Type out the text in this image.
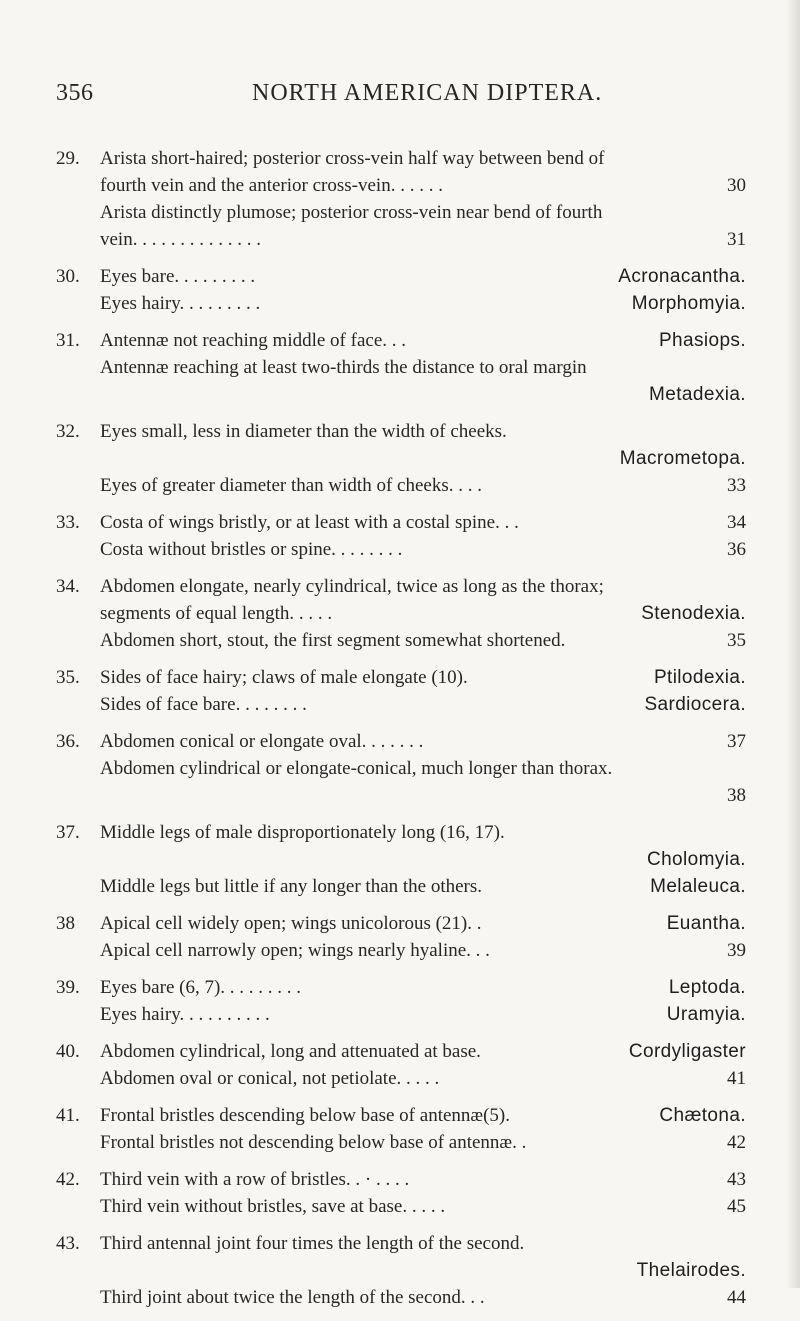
356	NORTH AMERICAN DIPTERA.
29. Arista short-haired; posterior cross-vein half way between bend of
fourth vein and the anterior cross-vein. . . . . .	30
Arista distinctly plumose; posterior cross-vein near bend of fourth
vein. . . . . . . . . . . . . .	31
30. Eyes bare. . . . . . . . .	Acronacantha.
Eyes hairy. . . . . . . . .	Morphomyia.
31. Antennæ not reaching middle of face. . .	Phasiops.
Antennæ reaching at least two-thirds the distance to oral margin
Metadexia.
32. Eyes small, less in diameter than the width of cheeks.
Macrometopa.
Eyes of greater diameter than width of cheeks. . . .	33
33. Costa of wings bristly, or at least with a costal spine. . .	34
Costa without bristles or spine. . . . . . . .	36
34. Abdomen elongate, nearly cylindrical, twice as long as the thorax;
segments of equal length. . . . .	Stenodexia.
Abdomen short, stout, the first segment somewhat shortened.	35
35. Sides of face hairy; claws of male elongate (10).	Ptilodexia.
Sides of face bare. . . . . . . .	Sardiocera.
36. Abdomen conical or elongate oval. . . . . . .	37
Abdomen cylindrical or elongate-conical, much longer than thorax.
38
37. Middle legs of male disproportionately long (16, 17).
Cholomyia.
Middle legs but little if any longer than the others.	Melaleuca.
38 Apical cell widely open; wings unicolorous (21). .	Euantha.
Apical cell narrowly open; wings nearly hyaline. . .	39
39. Eyes bare (6, 7). . . . . . . . .	Leptoda.
Eyes hairy. . . . . . . . . .	Uramyia.
40. Abdomen cylindrical, long and attenuated at base.	Cordyligaster
Abdomen oval or conical, not petiolate. . . . .	41
41. Frontal bristles descending below base of antennæ(5).	Chætona.
Frontal bristles not descending below base of antennæ. .	42
42. Third vein with a row of bristles. . · . . . .	43
Third vein without bristles, save at base. . . . .	45
43. Third antennal joint four times the length of the second.
Thelairodes.
Third joint about twice the length of the second. . .	44
